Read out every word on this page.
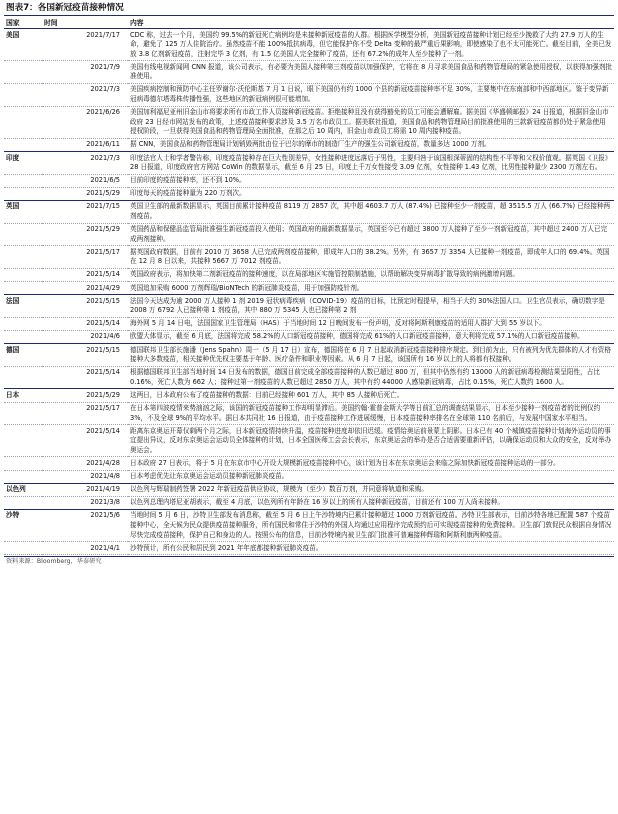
图表7：各国新冠疫苗接种情况
国家	时间	内容
美国	2021/7/17	CDC 称，过去一个月，美国约 99.5%的新冠死亡病例均是未接种新冠疫苗的人群。根据医学模型分析，美国新冠疫苗接种计划已经至少挽救了大约 27.9 万人的生命，避免了 125 万人住院治疗。虽然疫苗不能 100%抵抗病毒，但它能保护你不受 Delta 变种的最严重后果影响，即使感染了也不太可能死亡。截至目前，全美已发放 3.8 亿剂新冠疫苗，注射完毕 3 亿剂，有 1.5 亿美国人完全接种了疫苗，还有 67.2%的成年人至少接种了一剂。
	2021/7/9	美国有线电视新闻网 CNN 报道，该公司表示，有必要为美国人接种第三剂疫苗以加强保护，它将在 8 月寻求美国食品和药物管理局的紧急使用授权，以获得加强剂批准使用。
	2021/7/3	美国疾病控制和预防中心主任罗谢尔·沃伦斯基 7 月 1 日说，眼下美国仍有约 1000 个县的新冠疫苗接种率不足 30%，主要集中在东南部和中西部地区。鉴于变异新冠病毒德尔塔毒株传播性强，这些地区的新冠病例很可能增加。
	2021/6/26	美国加利福尼亚州旧金山市将要求所有市政工作人员接种新冠疫苗。拒绝接种且没有获得豁免的员工可能会遭解雇。据美国《华盛顿邮报》24 日报道，根据旧金山市政府 23 日经市网站发布的政策，上述疫苗接种要求涉及 3.5 万名市政员工。据美联社报道，美国食品和药物管理局目前批准使用的三款新冠疫苗都仍处于紧急使用授权阶段，一旦获得美国食品和药物管理局全面批准，在那之后 10 周内，旧金山市政员工将需 10 周内接种疫苗。
	2021/6/11	据 CNN，美国食品和药物管理局计划销毁两批由位于巴尔的摩市的制造厂生产的强生公司新冠疫苗，数量多达 1000 万剂。
印度	2021/7/3	印度法官人士和学者警告称，印度疫苗接种存在巨大性别差异，女性接种进度远落后于男性，主要归咎于该国根深蒂固的结构性不平等和父权价值观。据英国《卫报》28 日报道，印度政府官方网站 CoWin 的数据显示，截至 6 月 25 日，印度上千万女性接受 3.09 亿剂，女性接种 1.43 亿剂，比男性接种量少 2300 万剂左右。
	2021/6/5	目前印度的疫苗接种率，还不到 10%。
	2021/5/29	印度每天的疫苗接种量为 220 万剂次。
英国	2021/7/15	英国卫生部的最新数据显示，英国目前累计接种疫苗 8119 万 2857 次，其中超 4603.7 万人 (87.4%) 已接种至少一剂疫苗，超 3515.5 万人 (66.7%) 已经接种两剂疫苗。
	2021/5/29	英国药品和保健品监管局批准强生新冠疫苗投入使用；英国政府的最新数据显示，英国至今已有超过 3800 万人接种了至少一剂新冠疫苗，其中超过 2400 万人已完成两剂接种。
	2021/5/17	据英国政府数据，目前有 2010 万 3658 人已完成两剂疫苗接种，即成年人口的 38.2%。另外，有 3657 万 3354 人已接种一剂疫苗，即成年人口的 69.4%。英国在 12 月 8 日以来，共接种 5667 万 7012 剂疫苗。
	2021/5/14	英国政府表示，将加快第二剂新冠疫苗的接种速度，以在局部地区实施管控限制措施，以帮助解决变异病毒扩散导致的病例激增问题。
	2021/4/29	英国追加采购 6000 万剂辉瑞/BioNTech 的新冠肺炎疫苗，用于加强防疫针剂。
法国	2021/5/15	法国今天达成为逾 2000 万人接种 1 剂 2019 冠状病毒疾病（COVID-19）疫苗的目标，比预定时程提早，相当于大约 30%法国人口。卫生官员表示，确切数字是 2008 万 6792 人已接种第 1 剂疫苗，其中 880 万 5345 人也已接种第 2 剂
	2021/5/14	海外网 5 月 14 日电，法国国家卫生管理局（HAS）于当地时间 12 日晚间发布一份声明，反对将阿斯利康疫苗的适用人群扩大到 55 岁以下。
	2021/4/6	欧盟大体显示，截至 6 月底，法国将完成 58.2%的人口新冠疫苗接种，德国将完成 61%的人口新冠疫苗接种，意大利将完成 57.1%的人口新冠疫苗接种。
德国	2021/5/15	德国联邦卫生部长施潘（Jens Spahn）周一（5 月 17 日）宣布，德国将在 6 月 7 日起取消新冠疫苗接种排序规定。到目前为止，只有被列为优先群体的人才有资格接种大多数疫苗，相关接种优先权主要基于年龄、医疗条件和职业等因素。从 6 月 7 日起，该国所有 16 岁以上的人将都有权接种。
	2021/5/14	根据德国联邦卫生部当地时间 14 日发布的数据，德国目前完成全部疫苗接种的人数已超过 800 万，但其中仍然有约 13000 人的新冠病毒检测结果呈阳性，占比 0.16%，死亡人数为 662 人；接种过第一剂疫苗的人数已超过 2850 万人，其中有约 44000 人感染新冠病毒，占比 0.15%，死亡人数约 1600 人。
日本	2021/5/29	这两日，日本政府公布了疫苗接种的数据：目前已经接种 601 万人，其中 85 人接种后死亡。
	2021/5/17	在日本第四波疫情来势汹汹之际，该国的新冠疫苗接种工作却明显滞后。美国约翰·霍普金斯大学等日前汇总的调查结果显示，日本至少接种一剂疫苗者的比例仅约 3%，不及全球 9%的平均水平。据日本共同社 16 日报道，由于疫苗接种工作进展缓慢，日本疫苗接种率排名在全球第 110 名前后，与发展中国家水平相当。
	2021/5/14	距离东京奥运开幕仅剩两个月之际，日本新冠疫情持续升温，疫苗接种进度却依旧迟缓。疫情给奥运前景蒙上阴影。日本已有 40 个城镇疫苗接种计划海外运动员的事宜提出异议，反对东京奥运会运动员全体接种的计划，日本全国医师工会会长表示，东京奥运会的举办是否合适需要重新评估，以确保运动员和大众的安全，反对举办奥运会。
	2021/4/28	日本政府 27 日表示，将于 5 月在东京市中心开设大规模新冠疫苗接种中心，该计划为日本在东京奥运会来临之际加快新冠疫苗接种运动的一部分。
	2021/4/8	日本考虑优先让东京奥运会运动员接种新冠肺炎疫苗。
以色列	2021/4/19	以色列与辉瑞制药签署 2022 年新冠疫苗供应协议，规模为（至少）数百万剂，并同意将轨道和采购。
	2021/3/8	以色列总理内塔尼亚胡表示，截至 4 月底，以色列所有年龄在 16 岁以上的所有人接种新冠疫苗，目前还有 100 万人尚未接种。
沙特	2021/5/6	当地时间 5 月 6 日，沙特卫生部发布消息称，截至 5 月 6 日上午沙特境内已累计接种超过 1000 万剂新冠疫苗。沙特卫生部表示，目前沙特各地已配置 587 个疫苗接种中心，全天候为民众提供疫苗接种服务，所有国民和常住于沙特的外国人均通过应用程序完成预约后可实现疫苗接种的免费接种。卫生部门敦促民众根据自身情况尽快完成疫苗接种，保护自己和身边的人。按照公布的信息，目前沙特境内被卫生部门批准可普遍接种辉瑞和阿斯利康两种疫苗。
	2021/4/1	沙特预计，所有公民和居民到 2021 年年底都接种新冠肺炎疫苗。
资料来源：Bloomberg，华泰研究
